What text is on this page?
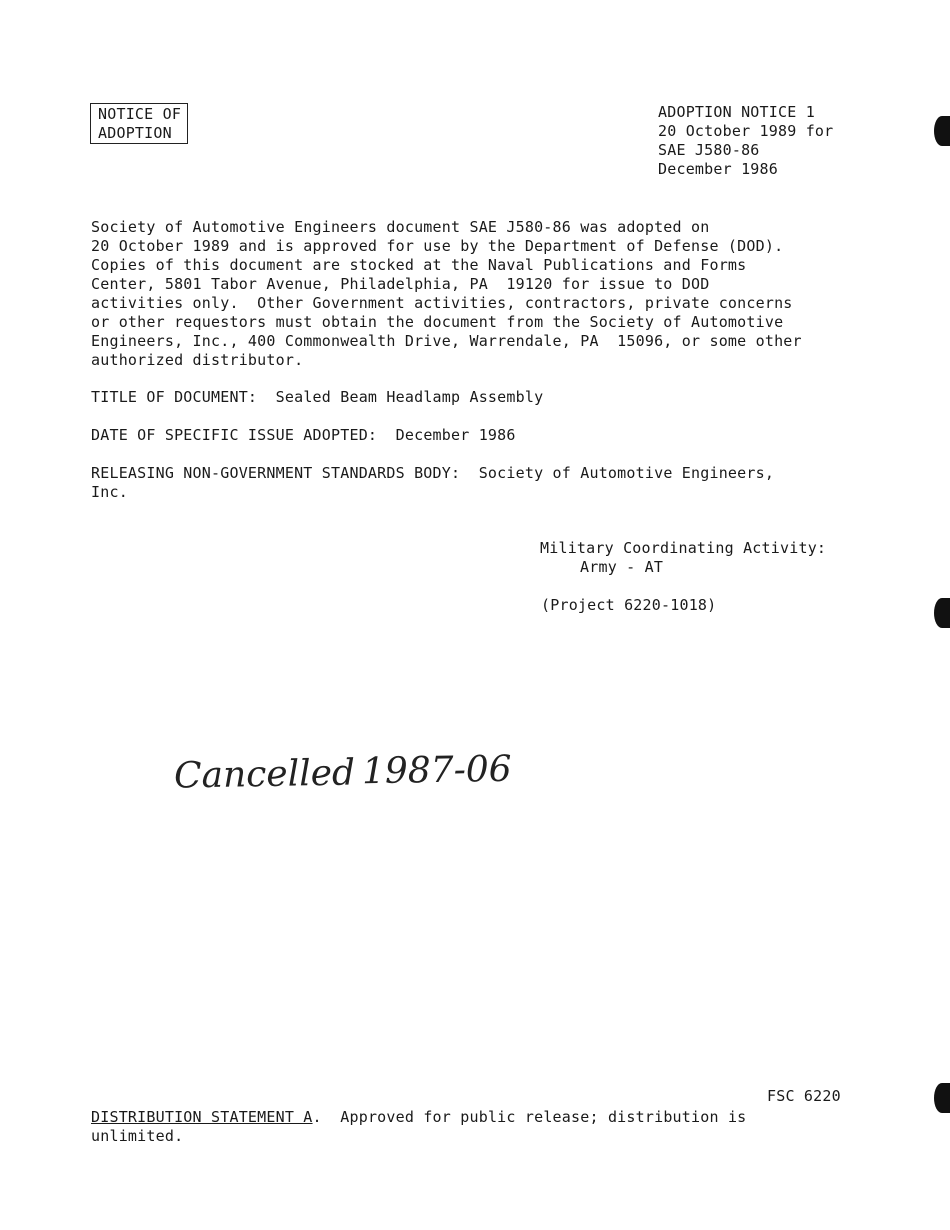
NOTICE OF
ADOPTION
ADOPTION NOTICE 1
20 October 1989 for
SAE J580-86
December 1986
Society of Automotive Engineers document SAE J580-86 was adopted on
20 October 1989 and is approved for use by the Department of Defense (DOD).
Copies of this document are stocked at the Naval Publications and Forms
Center, 5801 Tabor Avenue, Philadelphia, PA  19120 for issue to DOD
activities only.  Other Government activities, contractors, private concerns
or other requestors must obtain the document from the Society of Automotive
Engineers, Inc., 400 Commonwealth Drive, Warrendale, PA  15096, or some other
authorized distributor.
TITLE OF DOCUMENT: Sealed Beam Headlamp Assembly
DATE OF SPECIFIC ISSUE ADOPTED: December 1986
RELEASING NON-GOVERNMENT STANDARDS BODY: Society of Automotive Engineers,
Inc.
Military Coordinating Activity:
Army - AT
(Project 6220-1018)
Cancelled 1987-06
FSC 6220
DISTRIBUTION STATEMENT A.  Approved for public release; distribution is
unlimited.
